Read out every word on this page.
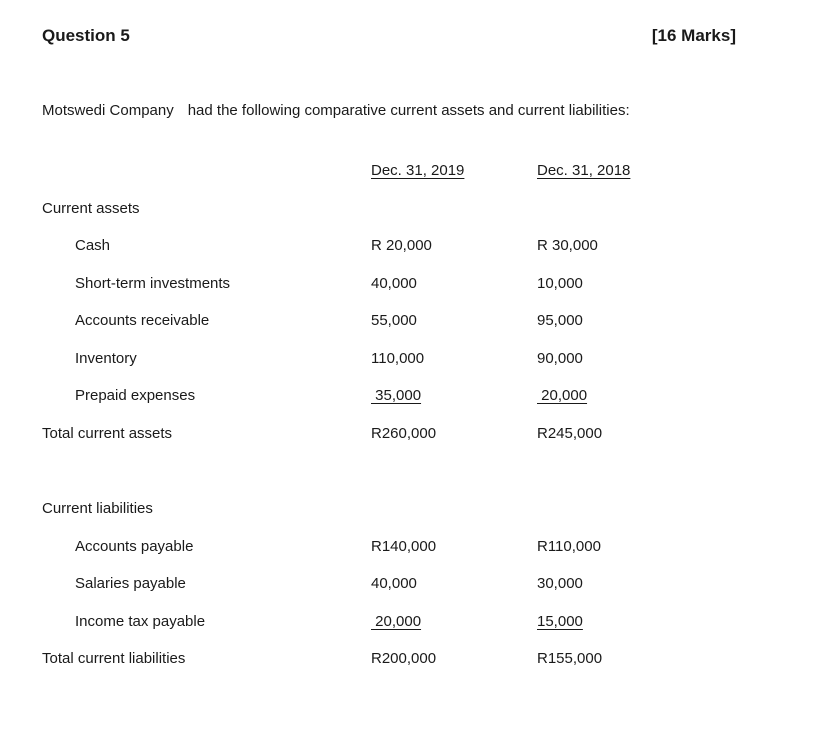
Question 5	[16 Marks]
Motswedi Company had the following comparative current assets and current liabilities:
Dec. 31, 2019	Dec. 31, 2018
Current assets
Cash	R 20,000	R 30,000
Short-term investments	40,000	10,000
Accounts receivable	55,000	95,000
Inventory	110,000	90,000
Prepaid expenses	35,000	20,000
Total current assets	R260,000	R245,000
Current liabilities
Accounts payable	R140,000	R110,000
Salaries payable	40,000	30,000
Income tax payable	20,000	15,000
Total current liabilities	R200,000	R155,000
